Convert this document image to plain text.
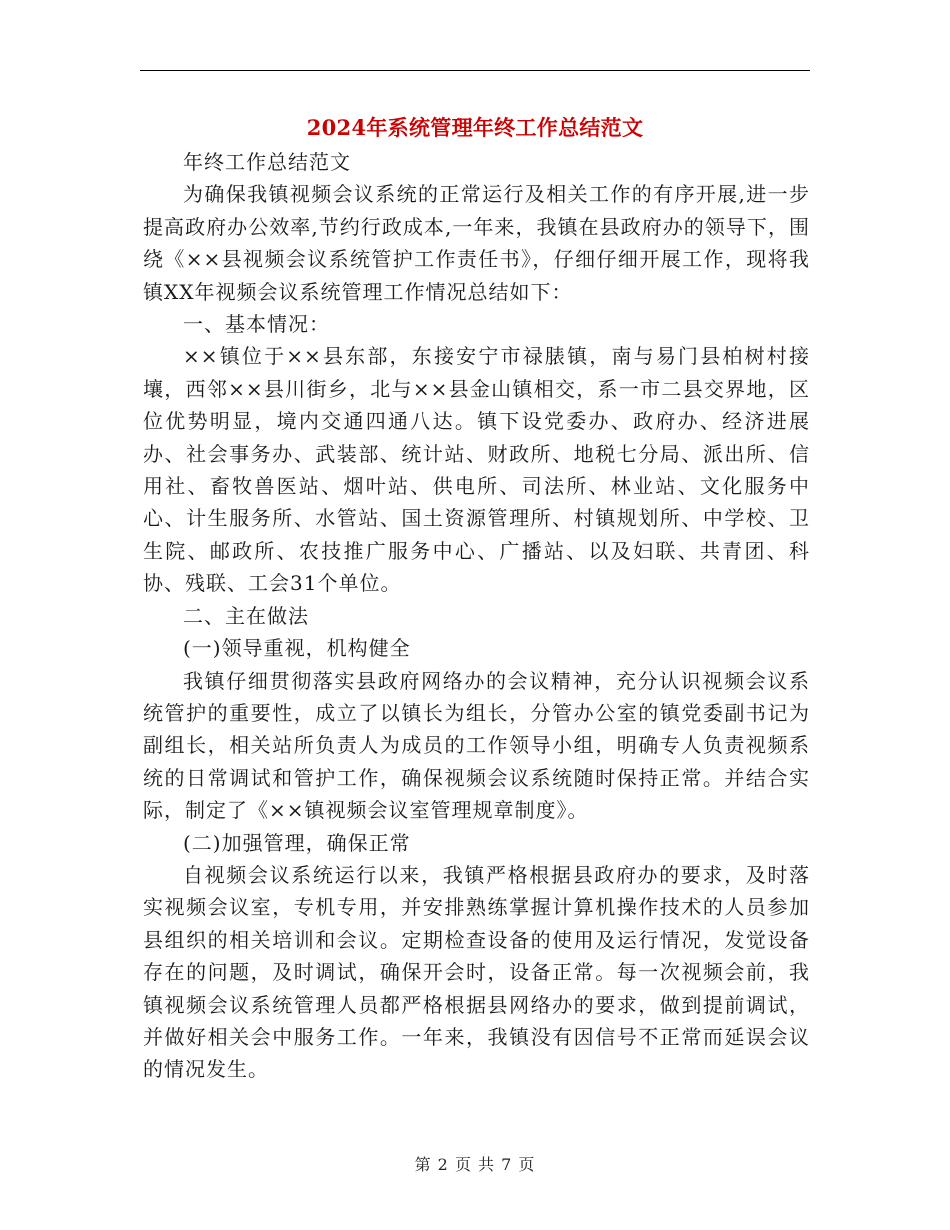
2024年系统管理年终工作总结范文

年终工作总结范文

为确保我镇视频会议系统的正常运行及相关工作的有序开展,进一步提高政府办公效率,节约行政成本,一年来，我镇在县政府办的领导下，围绕《××县视频会议系统管护工作责任书》，仔细仔细开展工作，现将我镇XX年视频会议系统管理工作情况总结如下：

一、基本情况：

××镇位于××县东部，东接安宁市禄脿镇，南与易门县柏树村接壤，西邻××县川街乡，北与××县金山镇相交，系一市二县交界地，区位优势明显，境内交通四通八达。镇下设党委办、政府办、经济进展办、社会事务办、武装部、统计站、财政所、地税七分局、派出所、信用社、畜牧兽医站、烟叶站、供电所、司法所、林业站、文化服务中心、计生服务所、水管站、国土资源管理所、村镇规划所、中学校、卫生院、邮政所、农技推广服务中心、广播站、以及妇联、共青团、科协、残联、工会31个单位。

二、主在做法

(一)领导重视，机构健全

我镇仔细贯彻落实县政府网络办的会议精神，充分认识视频会议系统管护的重要性，成立了以镇长为组长，分管办公室的镇党委副书记为副组长，相关站所负责人为成员的工作领导小组，明确专人负责视频系统的日常调试和管护工作，确保视频会议系统随时保持正常。并结合实际，制定了《××镇视频会议室管理规章制度》。

(二)加强管理，确保正常

自视频会议系统运行以来，我镇严格根据县政府办的要求，及时落实视频会议室，专机专用，并安排熟练掌握计算机操作技术的人员参加县组织的相关培训和会议。定期检查设备的使用及运行情况，发觉设备存在的问题，及时调试，确保开会时，设备正常。每一次视频会前，我镇视频会议系统管理人员都严格根据县网络办的要求，做到提前调试，并做好相关会中服务工作。一年来，我镇没有因信号不正常而延误会议的情况发生。

第 2 页 共 7 页
